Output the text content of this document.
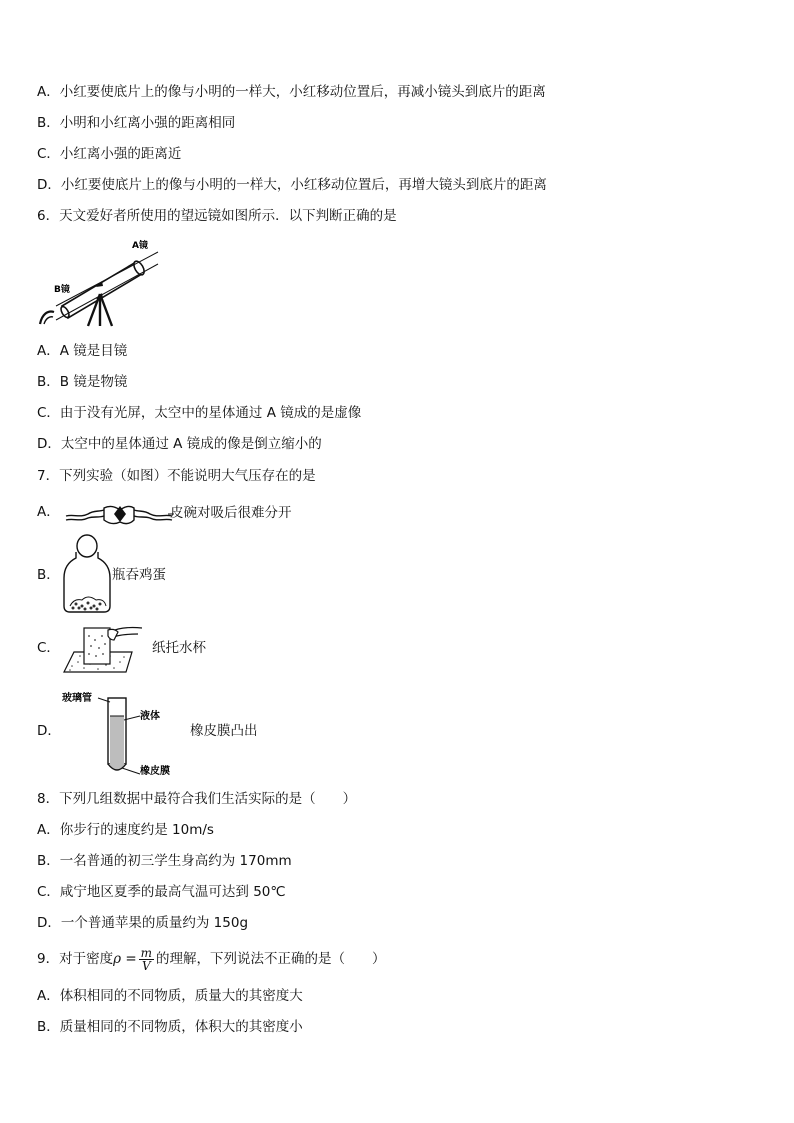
A．小红要使底片上的像与小明的一样大，小红移动位置后，再减小镜头到底片的距离
B．小明和小红离小强的距离相同
C．小红离小强的距离近
D．小红要使底片上的像与小明的一样大，小红移动位置后，再增大镜头到底片的距离
6．天文爱好者所使用的望远镜如图所示．以下判断正确的是
A镜
B镜
A．A 镜是目镜
B．B 镜是物镜
C．由于没有光屏，太空中的星体通过 A 镜成的是虚像
D．太空中的星体通过 A 镜成的像是倒立缩小的
7．下列实验（如图）不能说明大气压存在的是
A．	皮碗对吸后很难分开
B．	瓶吞鸡蛋
C．	纸托水杯
D．
玻璃管
液体
橡皮膜
橡皮膜凸出
8．下列几组数据中最符合我们生活实际的是（　　）
A．你步行的速度约是 10m/s
B．一名普通的初三学生身高约为 170mm
C．咸宁地区夏季的最高气温可达到 50℃
D．一个普通苹果的质量约为 150g
9．对于密度$\rho = \frac{m}{V}$ 的理解，下列说法不正确的是（　　）
A．体积相同的不同物质，质量大的其密度大
B．质量相同的不同物质，体积大的其密度小
